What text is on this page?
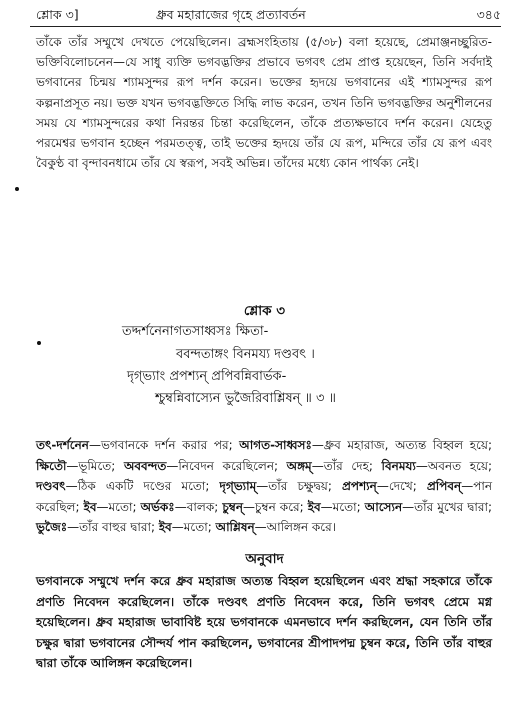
শ্লোক ৩]	ধ্রুব মহারাজের গৃহে প্রত্যাবর্তন	৩৪৫
তাঁকে তাঁর সম্মুখে দেখতে পেয়েছিলেন। ব্রহ্মসংহিতায় (৫/৩৮) বলা হয়েছে, প্রেমাঞ্জনচ্ছুরিত-ভক্তিবিলোচনেন—যে সাধু ব্যক্তি ভগবদ্ভক্তির প্রভাবে ভগবৎ প্রেম প্রাপ্ত হয়েছেন, তিনি সর্বদাই ভগবানের চিন্ময় শ্যামসুন্দর রূপ দর্শন করেন। ভক্তের হৃদয়ে ভগবানের এই শ্যামসুন্দর রূপ কল্পনাপ্রসূত নয়। ভক্ত যখন ভগবদ্ভক্তিতে সিদ্ধি লাভ করেন, তখন তিনি ভগবদ্ভক্তির অনুশীলনের সময় যে শ্যামসুন্দরের কথা নিরন্তর চিন্তা করেছিলেন, তাঁকে প্রত্যক্ষভাবে দর্শন করেন। যেহেতু পরমেশ্বর ভগবান হচ্ছেন পরমতত্ত্ব, তাই ভক্তের হৃদয়ে তাঁর যে রূপ, মন্দিরে তাঁর যে রূপ এবং বৈকুণ্ঠ বা বৃন্দাবনধামে তাঁর যে স্বরূপ, সবই অভিন্ন। তাঁদের মধ্যে কোন পার্থক্য নেই।
শ্লোক ৩
তদ্দর্শনেনাগতসাধ্বসঃ ক্ষিতা-
ববন্দতাঙ্গং বিনময্য দণ্ডবৎ ।
দৃগ্‌ভ্যাং প্রপশ্যন্ প্রপিবন্নিবার্ভক-
শ্চুম্বন্নিবাস্যেন ভুজৈরিবাশ্লিষন্ ॥ ৩ ॥
তৎ-দর্শনেন—ভগবানকে দর্শন করার পর; আগত-সাধ্বসঃ—ধ্রুব মহারাজ, অত্যন্ত বিহ্বল হয়ে; ক্ষিতৌ—ভূমিতে; অববন্দত—নিবেদন করেছিলেন; অঙ্গম্—তাঁর দেহ; বিনময্য—অবনত হয়ে; দণ্ডবৎ—ঠিক একটি দণ্ডের মতো; দৃগ্‌ভ্যাম্—তাঁর চক্ষুদ্বয়; প্রপশ্যন্—দেখে; প্রপিবন্—পান করেছিল; ইব—মতো; অর্ভকঃ—বালক; চুম্বন্—চুম্বন করে; ইব—মতো; আস্যেন—তাঁর মুখের দ্বারা; ভুজৈঃ—তাঁর বাহুর দ্বারা; ইব—মতো; আশ্লিষন্—আলিঙ্গন করে।
অনুবাদ
ভগবানকে সম্মুখে দর্শন করে ধ্রুব মহারাজ অত্যন্ত বিহ্বল হয়েছিলেন এবং শ্রদ্ধা সহকারে তাঁকে প্রণতি নিবেদন করেছিলেন। তাঁকে দণ্ডবৎ প্রণতি নিবেদন করে, তিনি ভগবৎ প্রেমে মগ্ন হয়েছিলেন। ধ্রুব মহারাজ ভাবাবিষ্ট হয়ে ভগবানকে এমনভাবে দর্শন করছিলেন, যেন তিনি তাঁর চক্ষুর দ্বারা ভগবানের সৌন্দর্য পান করছিলেন, ভগবানের শ্রীপাদপদ্ম চুম্বন করে, তিনি তাঁর বাহুর দ্বারা তাঁকে আলিঙ্গন করেছিলেন।
